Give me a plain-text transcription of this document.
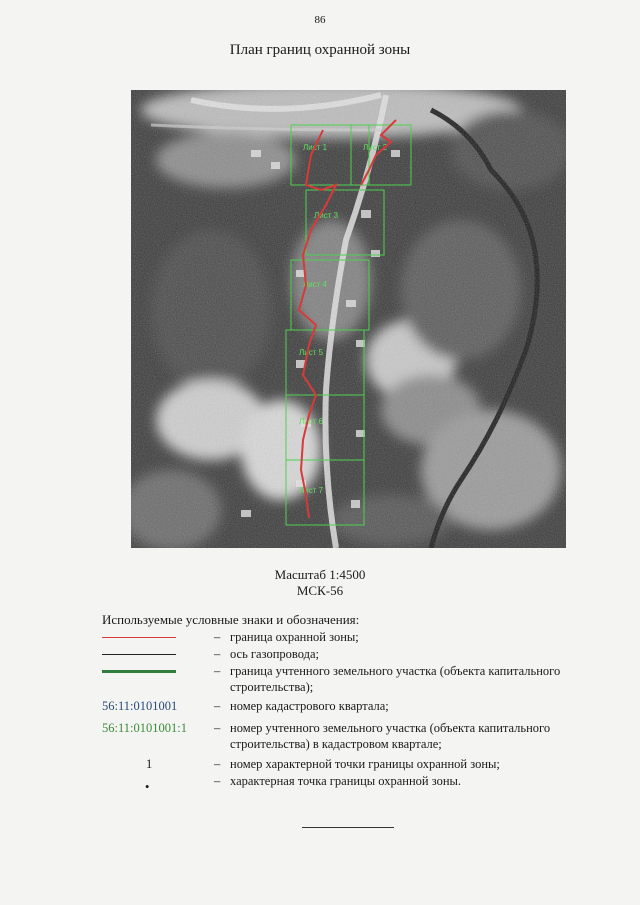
86
План границ охранной зоны
Лист 1	Лист 2
Лист 3
Лист 4
Лист 5
Лист 6
Лист 7
Масштаб 1:4500
МСК-56
Используемые условные знаки и обозначения:
– граница охранной зоны;
– ось газопровода;
– граница учтенного земельного участка (объекта капитального строительства);
56:11:0101001	– номер кадастрового квартала;
56:11:0101001:1	– номер учтенного земельного участка (объекта капитального строительства) в кадастровом квартале;
1	– номер характерной точки границы охранной зоны;
•	– характерная точка границы охранной зоны.
